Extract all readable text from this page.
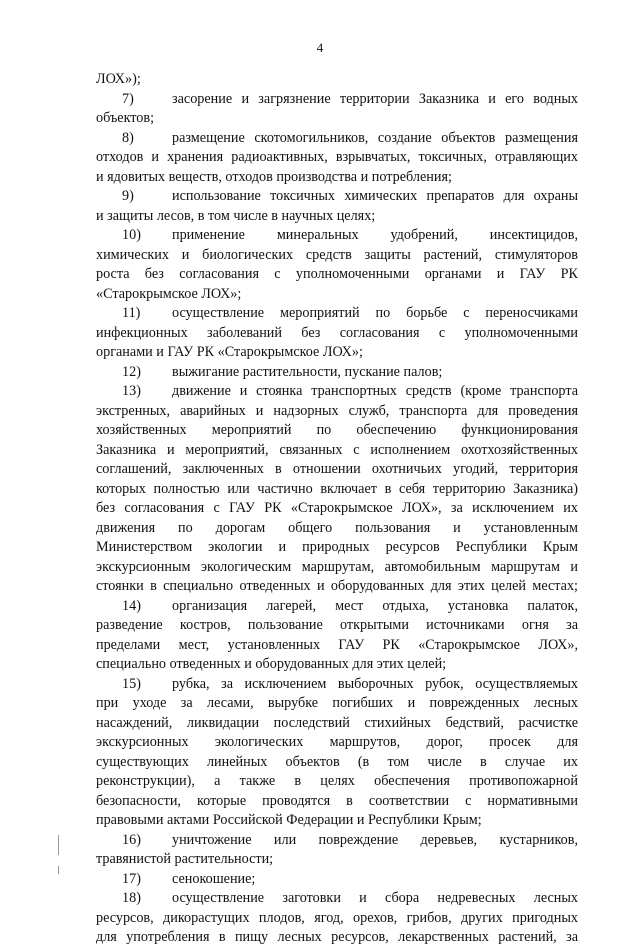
4
ЛОХ»);
7)	засорение и загрязнение территории Заказника и его водных
объектов;
8)	размещение скотомогильников, создание объектов размещения
отходов и хранения радиоактивных, взрывчатых, токсичных, отравляющих
и ядовитых веществ, отходов производства и потребления;
9)	использование токсичных химических препаратов для охраны
и защиты лесов, в том числе в научных целях;
10) применение минеральных удобрений, инсектицидов,
химических и биологических средств защиты растений, стимуляторов
роста без согласования с уполномоченными органами и ГАУ РК
«Старокрымское ЛОХ»;
11) осуществление мероприятий по борьбе с переносчиками
инфекционных заболеваний без согласования с уполномоченными
органами и ГАУ РК «Старокрымское ЛОХ»;
12) выжигание растительности, пускание палов;
13) движение и стоянка транспортных средств (кроме транспорта
экстренных, аварийных и надзорных служб, транспорта для проведения
хозяйственных мероприятий по обеспечению функционирования
Заказника и мероприятий, связанных с исполнением охотхозяйственных
соглашений, заключенных в отношении охотничьих угодий, территория
которых полностью или частично включает в себя территорию Заказника)
без согласования с ГАУ РК «Старокрымское ЛОХ», за исключением их
движения по дорогам общего пользования и установленным
Министерством экологии и природных ресурсов Республики Крым
экскурсионным экологическим маршрутам, автомобильным маршрутам и
стоянки в специально отведенных и оборудованных для этих целей местах;
14) организация лагерей, мест отдыха, установка палаток,
разведение костров, пользование открытыми источниками огня за
пределами мест, установленных ГАУ РК «Старокрымское ЛОХ»,
специально отведенных и оборудованных для этих целей;
15) рубка, за исключением выборочных рубок, осуществляемых
при уходе за лесами, вырубке погибших и поврежденных лесных
насаждений, ликвидации последствий стихийных бедствий, расчистке
экскурсионных экологических маршрутов, дорог, просек для
существующих линейных объектов (в том числе в случае их
реконструкции), а также в целях обеспечения противопожарной
безопасности, которые проводятся в соответствии с нормативными
правовыми актами Российской Федерации и Республики Крым;
16) уничтожение или повреждение деревьев, кустарников,
травянистой растительности;
17) сенокошение;
18) осуществление заготовки и сбора недревесных лесных
ресурсов, дикорастущих плодов, ягод, орехов, грибов, других пригодных
для употребления в пищу лесных ресурсов, лекарственных растений, за
